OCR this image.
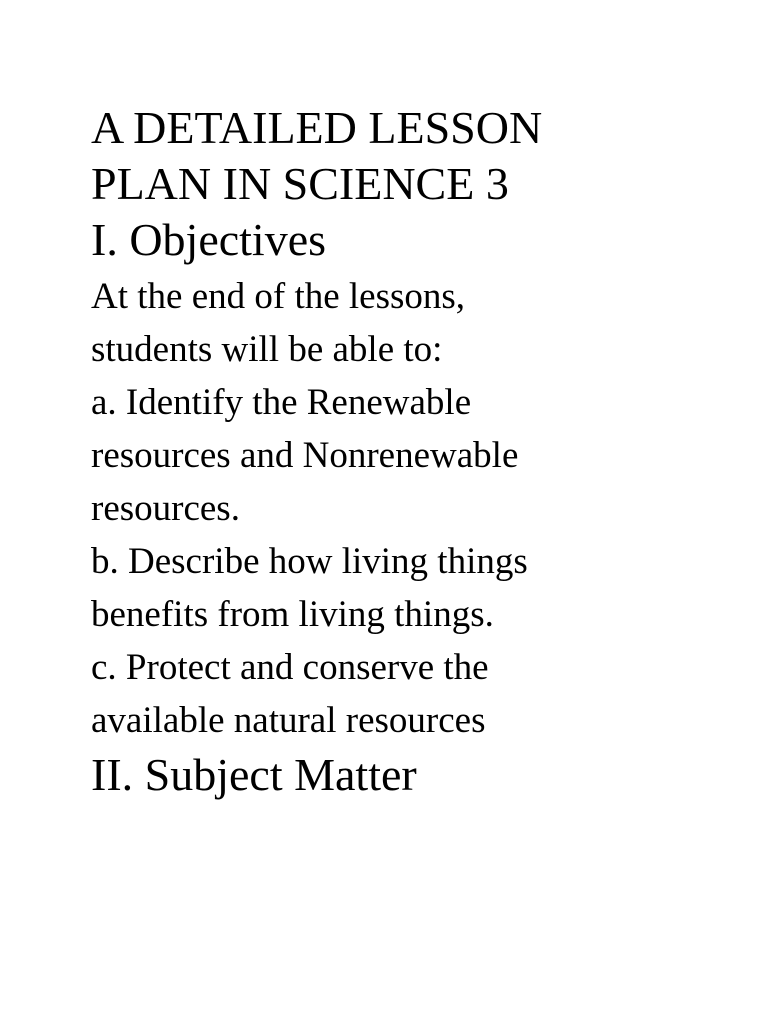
A DETAILED LESSON
PLAN IN SCIENCE 3
I. Objectives
At the end of the lessons,
students will be able to:
a. Identify the Renewable
resources and Nonrenewable
resources.
b. Describe how living things
benefits from living things.
c. Protect and conserve the
available natural resources
II. Subject Matter
